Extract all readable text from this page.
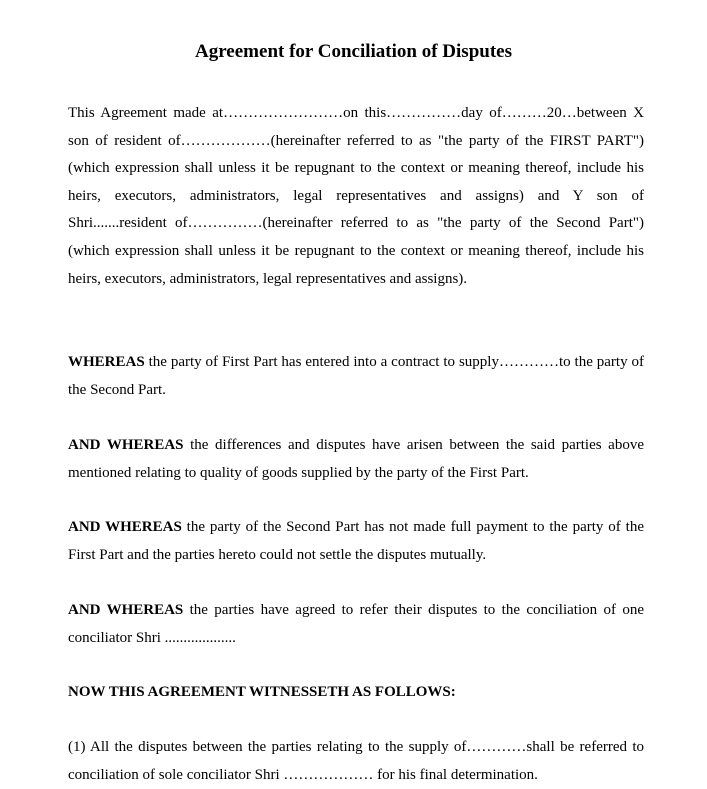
Agreement for Conciliation of Disputes

This Agreement made at……………………on this……………day of………20…between X son of resident of………………(hereinafter referred to as "the party of the FIRST PART") (which expression shall unless it be repugnant to the context or meaning thereof, include his heirs, executors, administrators, legal representatives and assigns) and Y son of Shri.......resident of……………(hereinafter referred to as "the party of the Second Part") (which expression shall unless it be repugnant to the context or meaning thereof, include his heirs, executors, administrators, legal representatives and assigns).

WHEREAS the party of First Part has entered into a contract to supply…………to the party of the Second Part.

AND WHEREAS the differences and disputes have arisen between the said parties above mentioned relating to quality of goods supplied by the party of the First Part.

AND WHEREAS the party of the Second Part has not made full payment to the party of the First Part and the parties hereto could not settle the disputes mutually.

AND WHEREAS the parties have agreed to refer their disputes to the conciliation of one conciliator Shri ...................

NOW THIS AGREEMENT WITNESSETH AS FOLLOWS:

(1) All the disputes between the parties relating to the supply of…………shall be referred to conciliation of sole conciliator Shri ……………… for his final determination.
